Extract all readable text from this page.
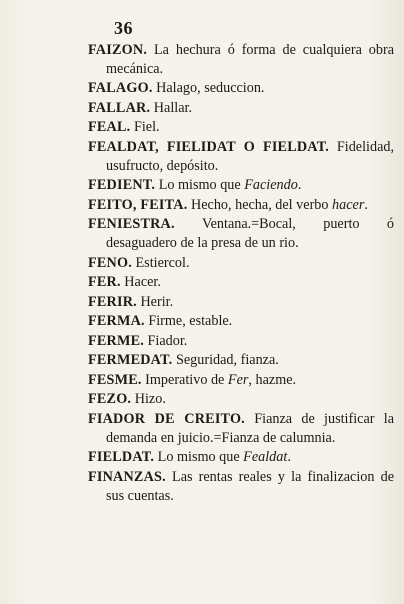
36

FAIZON. La hechura ó forma de cualquiera obra mecánica.

FALAGO. Halago, seduccion.

FALLAR. Hallar.

FEAL. Fiel.

FEALDAT, FIELIDAT O FIELDAT. Fidelidad, usufructo, depósito.

FEDIENT. Lo mismo que Faciendo.

FEITO, FEITA. Hecho, hecha, del verbo hacer.

FENIESTRA. Ventana.=Bocal, puerto ó desaguadero de la presa de un rio.

FENO. Estiercol.

FER. Hacer.

FERIR. Herir.

FERMA. Firme, estable.

FERME. Fiador.

FERMEDAT. Seguridad, fianza.

FESME. Imperativo de Fer, hazme.

FEZO. Hizo.

FIADOR DE CREITO. Fianza de justificar la demanda en juicio.=Fianza de calumnia.

FIELDAT. Lo mismo que Fealdat.

FINANZAS. Las rentas reales y la finalizacion de sus cuentas.
